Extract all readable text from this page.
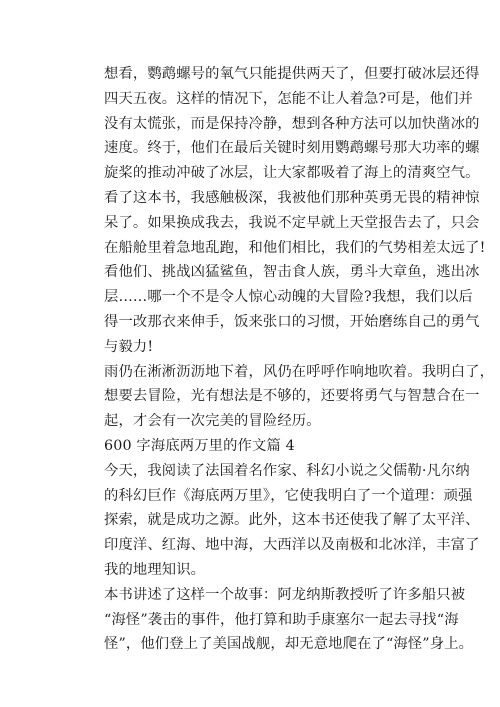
想看，鹦鹉螺号的氧气只能提供两天了，但要打破冰层还得
四天五夜。这样的情况下，怎能不让人着急?可是，他们并
没有太慌张，而是保持冷静，想到各种方法可以加快凿冰的
速度。终于，他们在最后关键时刻用鹦鹉螺号那大功率的螺
旋桨的推动冲破了冰层，让大家都吸着了海上的清爽空气。
看了这本书，我感触极深，我被他们那种英勇无畏的精神惊
呆了。如果换成我去，我说不定早就上天堂报告去了，只会
在船舱里着急地乱跑，和他们相比，我们的气势相差太远了!
看他们、挑战凶猛鲨鱼，智击食人族，勇斗大章鱼，逃出冰
层……哪一个不是令人惊心动魄的大冒险?我想，我们以后
得一改那衣来伸手，饭来张口的习惯，开始磨练自己的勇气
与毅力!
雨仍在淅淅沥沥地下着，风仍在呼呼作响地吹着。我明白了，
想要去冒险，光有想法是不够的，还要将勇气与智慧合在一
起，才会有一次完美的冒险经历。
600 字海底两万里的作文篇 4
今天，我阅读了法国着名作家、科幻小说之父儒勒·凡尔纳
的科幻巨作《海底两万里》，它使我明白了一个道理：顽强
探索，就是成功之源。此外，这本书还使我了解了太平洋、
印度洋、红海、地中海，大西洋以及南极和北冰洋，丰富了
我的地理知识。
本书讲述了这样一个故事：阿龙纳斯教授听了许多船只被
“海怪”袭击的事件，他打算和助手康塞尔一起去寻找“海
怪”，他们登上了美国战舰，却无意地爬在了“海怪”身上。
